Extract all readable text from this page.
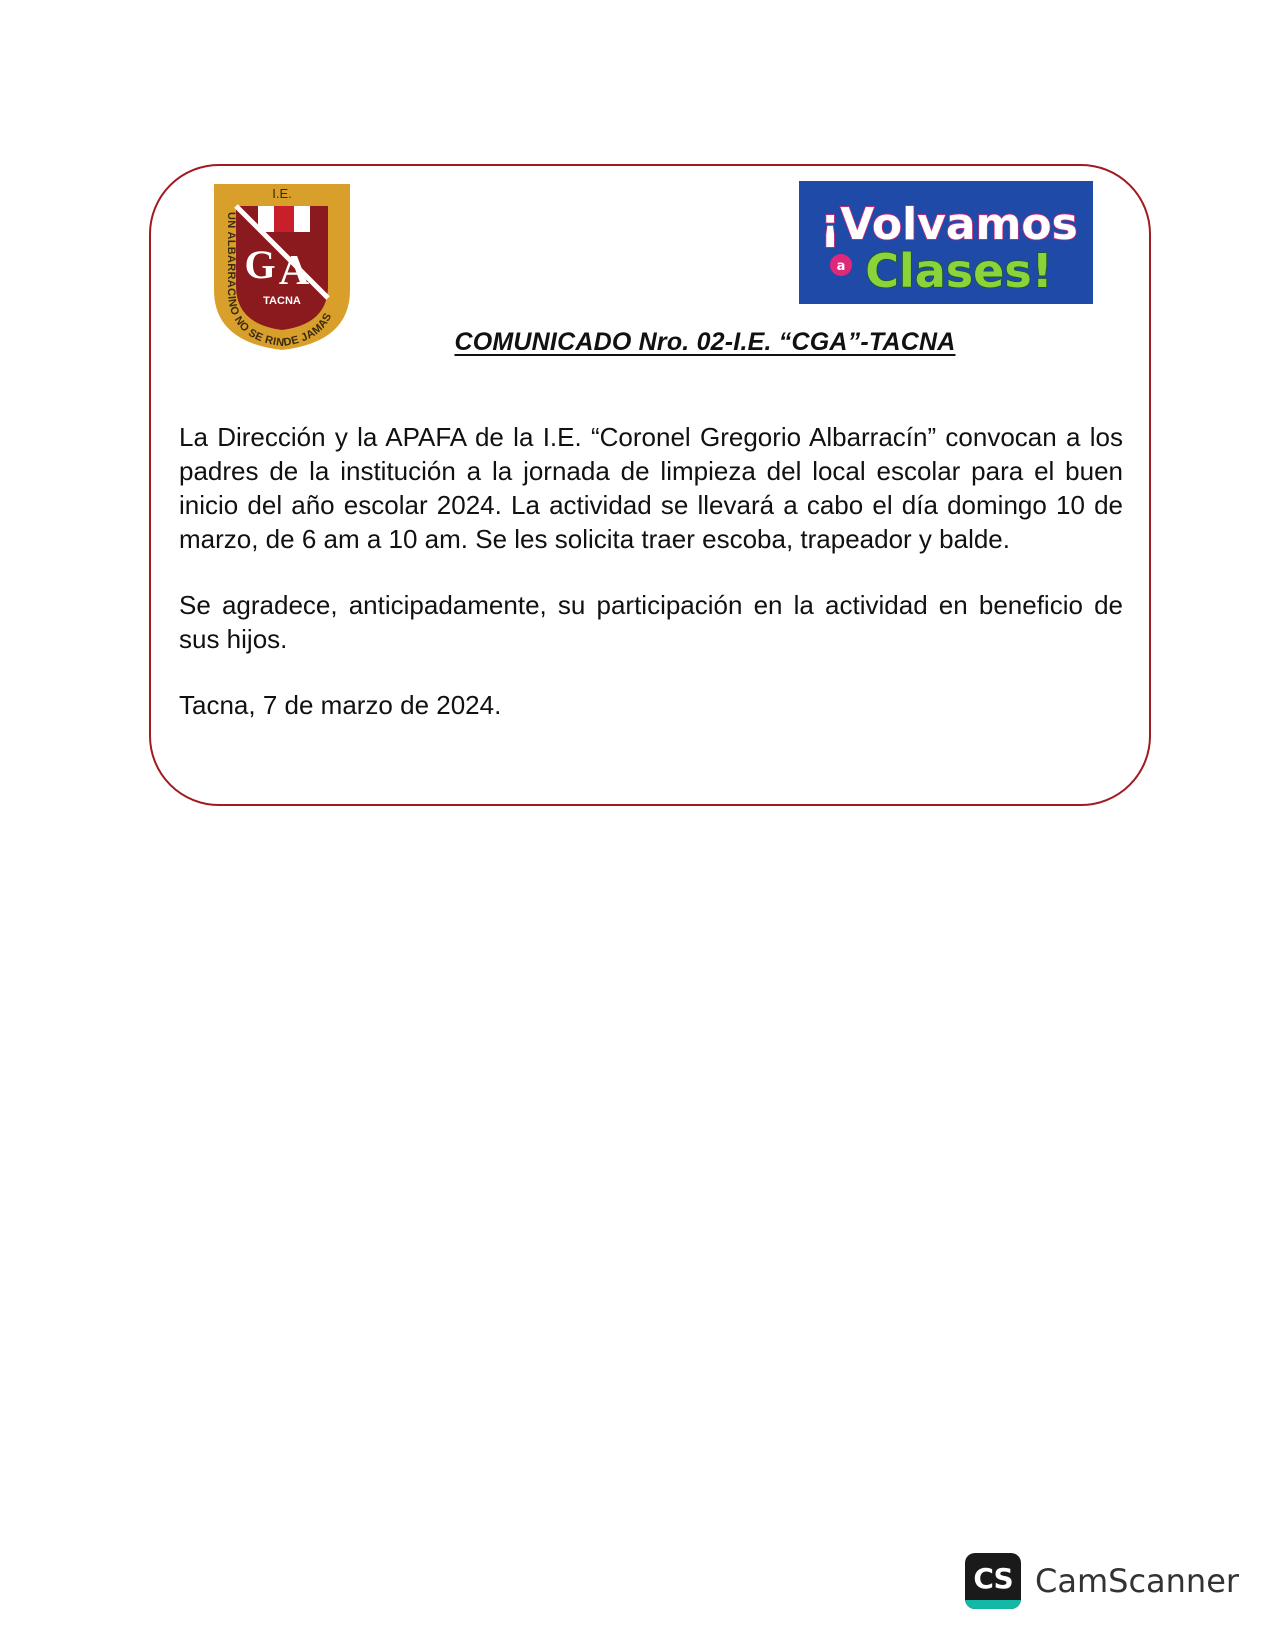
I.E.
G A
TACNA
UN ALBARRACINO NO SE RINDE JAMAS
¡Volvamos
a Clases!
COMUNICADO Nro. 02-I.E. “CGA”-TACNA

La Dirección y la APAFA de la I.E. “Coronel Gregorio Albarracín” convocan a los padres de la institución a la jornada de limpieza del local escolar para el buen inicio del año escolar 2024. La actividad se llevará a cabo el día domingo 10 de marzo, de 6 am a 10 am. Se les solicita traer escoba, trapeador y balde.

Se agradece, anticipadamente, su participación en la actividad en beneficio de sus hijos.

Tacna, 7 de marzo de 2024.

CS CamScanner
